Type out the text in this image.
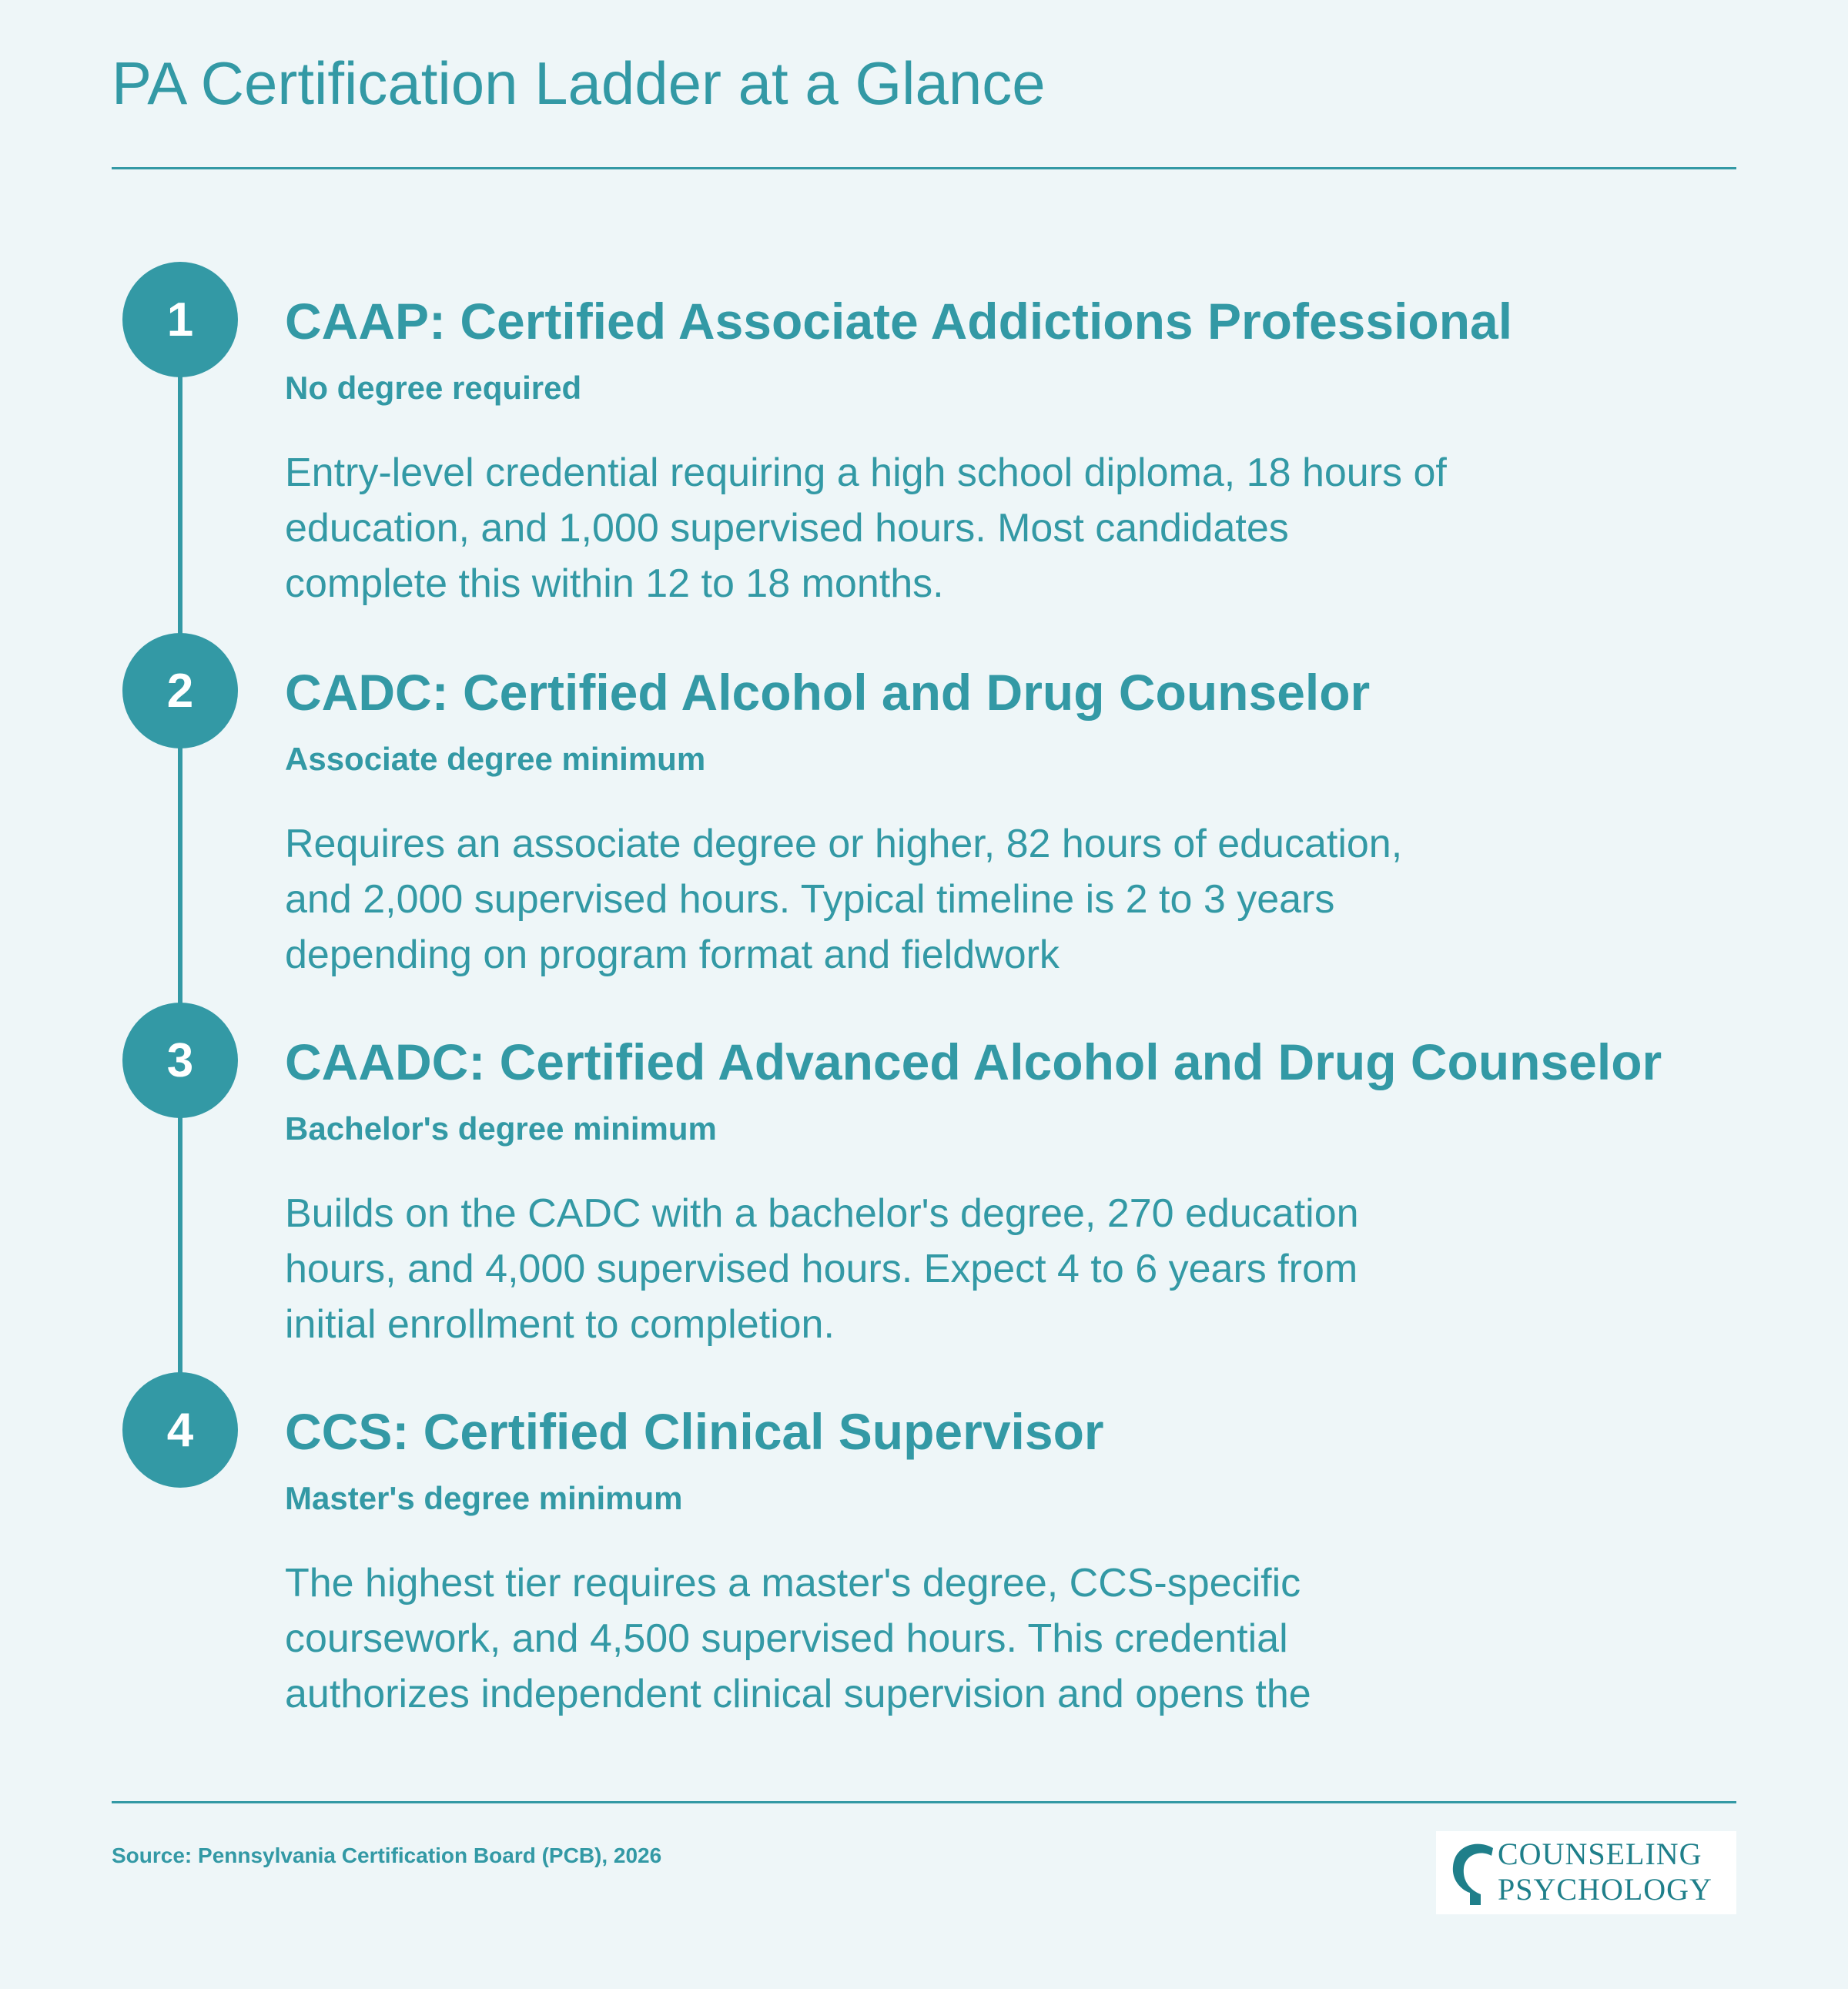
PA Certification Ladder at a Glance
1	CAAP: Certified Associate Addictions Professional

No degree required

Entry-level credential requiring a high school diploma, 18 hours of education, and 1,000 supervised hours. Most candidates complete this within 12 to 18 months.

2	CADC: Certified Alcohol and Drug Counselor

Associate degree minimum

Requires an associate degree or higher, 82 hours of education, and 2,000 supervised hours. Typical timeline is 2 to 3 years depending on program format and fieldwork

3	CAADC: Certified Advanced Alcohol and Drug Counselor

Bachelor's degree minimum

Builds on the CADC with a bachelor's degree, 270 education hours, and 4,000 supervised hours. Expect 4 to 6 years from initial enrollment to completion.

4	CCS: Certified Clinical Supervisor

Master's degree minimum

The highest tier requires a master's degree, CCS-specific coursework, and 4,500 supervised hours. This credential authorizes independent clinical supervision and opens the

Source: Pennsylvania Certification Board (PCB), 2026	COUNSELING
PSYCHOLOGY
